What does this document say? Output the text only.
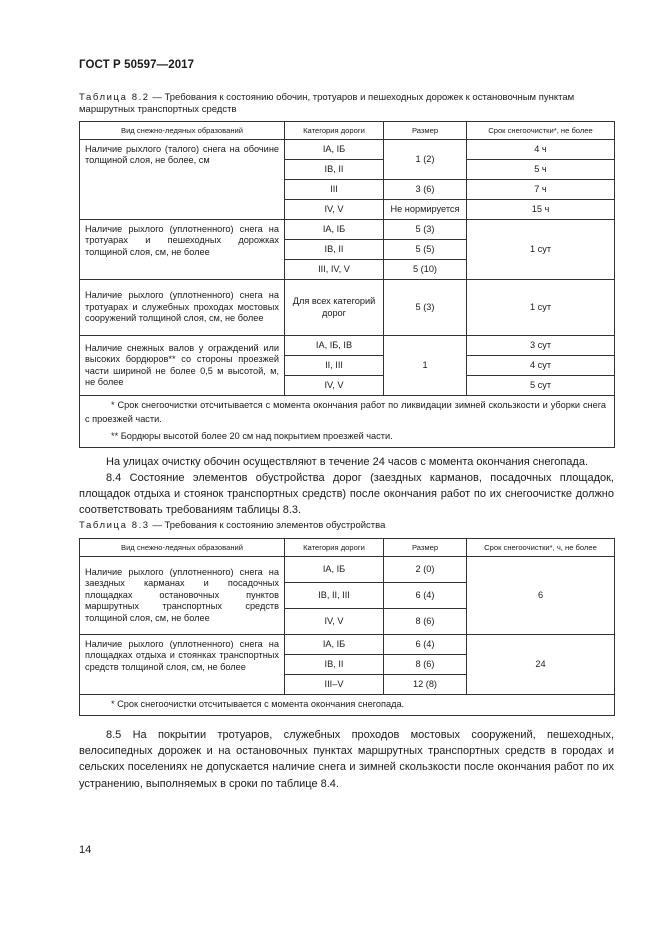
ГОСТ Р 50597—2017
Таблица 8.2 — Требования к состоянию обочин, тротуаров и пешеходных дорожек к остановочным пунктам маршрутных транспортных средств
Вид снежно-ледяных образований	Категория дороги	Размер	Срок снегоочистки*, не более
Наличие рыхлого (талого) снега на обочине толщиной слоя, не более, см	IA, IБ	1 (2)	4 ч
	IB, II		5 ч
	III	3 (6)	7 ч
	IV, V	Не нормируется	15 ч
Наличие рыхлого (уплотненного) снега на тротуарах и пешеходных дорожках толщиной слоя, см, не более	IA, IБ	5 (3)	1 сут
	IB, II	5 (5)	
	III, IV, V	5 (10)	
Наличие рыхлого (уплотненного) снега на тротуарах и служебных проходах мостовых сооружений толщиной слоя, см, не более	Для всех категорий дорог	5 (3)	1 сут
Наличие снежных валов у ограждений или высоких бордюров** со стороны проезжей части шириной не более 0,5 м высотой, м, не более	IA, IБ, IB	1	3 сут
	II, III		4 сут
	IV, V		5 сут

* Срок снегоочистки отсчитывается с момента окончания работ по ликвидации зимней скользкости и уборки снега с проезжей части.

** Бордюры высотой более 20 см над покрытием проезжей части.			

На улицах очистку обочин осуществляют в течение 24 часов с момента окончания снегопада.

8.4 Состояние элементов обустройства дорог (заездных карманов, посадочных площадок, площадок отдыха и стоянок транспортных средств) после окончания работ по их снегоочистке должно соответствовать требованиям таблицы 8.3.

Таблица 8.3 — Требования к состоянию элементов обустройства
Вид снежно-ледяных образований	Категория дороги	Размер	Срок снегоочистки*, ч, не более
Наличие рыхлого (уплотненного) снега на заездных карманах и посадочных площадках остановочных пунктов маршрутных транспортных средств толщиной слоя, см, не более	IA, IБ	2 (0)	6
	IB, II, III	6 (4)	
	IV, V	8 (6)	
Наличие рыхлого (уплотненного) снега на площадках отдыха и стоянках транспортных средств толщиной слоя, см, не более	IA, IБ	6 (4)	24
	IB, II	8 (6)	
	III–V	12 (8)	

* Срок снегоочистки отсчитывается с момента окончания снегопада.			

8.5 На покрытии тротуаров, служебных проходов мостовых сооружений, пешеходных, велосипедных дорожек и на остановочных пунктах маршрутных транспортных средств в городах и сельских поселениях не допускается наличие снега и зимней скользкости после окончания работ по их устранению, выполняемых в сроки по таблице 8.4.

14
